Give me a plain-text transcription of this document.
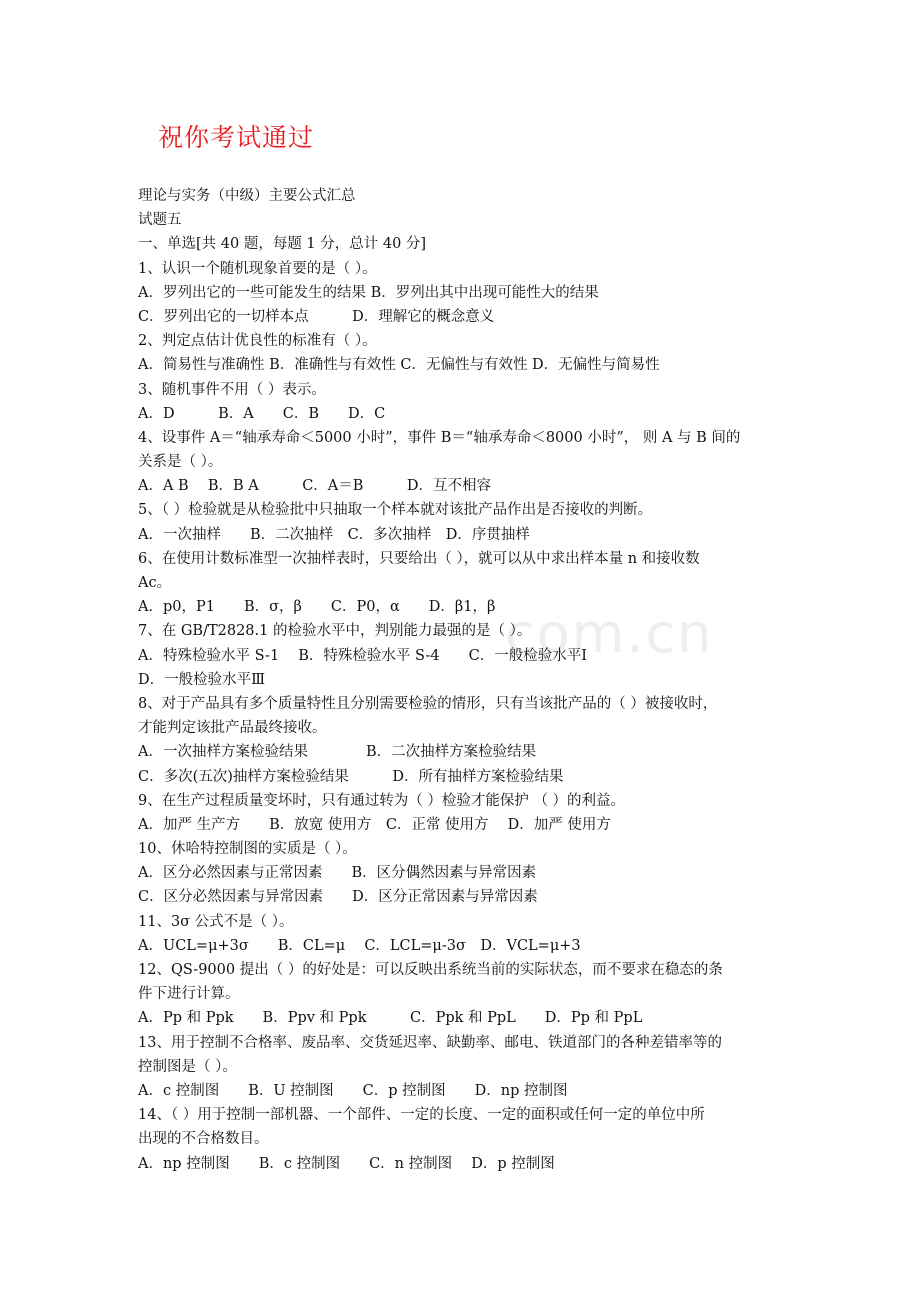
祝你考试通过
com.cn
理论与实务（中级）主要公式汇总
试题五
一、单选[共 40 题，每题 1 分，总计 40 分]
1、认识一个随机现象首要的是（ ）。
A．罗列出它的一些可能发生的结果 B．罗列出其中出现可能性大的结果
C．罗列出它的一切样本点　　　D．理解它的概念意义
2、判定点估计优良性的标准有（ ）。
A．简易性与准确性 B．准确性与有效性 C．无偏性与有效性 D．无偏性与简易性
3、随机事件不用（ ）表示。
A．D　　　B．A　　C．B　　D．C
4、设事件 A＝“轴承寿命＜5000 小时”，事件 B＝“轴承寿命＜8000 小时”， 则 A 与 B 间的
关系是（ ）。
A．A B　 B．B A　　　C．A＝B　　　D．互不相容
5、（ ）检验就是从检验批中只抽取一个样本就对该批产品作出是否接收的判断。
A．一次抽样　　B．二次抽样　C．多次抽样　D．序贯抽样
6、在使用计数标准型一次抽样表时，只要给出（ ），就可以从中求出样本量 n 和接收数
Ac。
A．p0，P1　　B．σ，β　　C．P0，α　　D．β1，β
7、在 GB/T2828.1 的检验水平中，判别能力最强的是（ ）。
A．特殊检验水平 S-1　 B．特殊检验水平 S-4　　C．一般检验水平Ⅰ
D．一般检验水平Ⅲ
8、对于产品具有多个质量特性且分别需要检验的情形，只有当该批产品的（ ）被接收时，
才能判定该批产品最终接收。
A．一次抽样方案检验结果　　　　B．二次抽样方案检验结果
C．多次(五次)抽样方案检验结果　　　D．所有抽样方案检验结果
9、在生产过程质量变坏时，只有通过转为（ ）检验才能保护 （ ）的利益。
A．加严 生产方　　B．放宽 使用方　C．正常 使用方　 D．加严 使用方
10、休哈特控制图的实质是（ ）。
A．区分必然因素与正常因素　　B．区分偶然因素与异常因素
C．区分必然因素与异常因素　　D．区分正常因素与异常因素
11、3σ 公式不是（ ）。
A．UCL=μ+3σ　　B．CL=μ　 C．LCL=μ-3σ　D．VCL=μ+3
12、QS-9000 提出（ ）的好处是：可以反映出系统当前的实际状态，而不要求在稳态的条
件下进行计算。
A．Pp 和 Ppk　　B．Ppv 和 Ppk　　　C．Ppk 和 PpL　　D．Pp 和 PpL
13、用于控制不合格率、废品率、交货延迟率、缺勤率、邮电、铁道部门的各种差错率等的
控制图是（ ）。
A．c 控制图　　B．U 控制图　　C．p 控制图　　D．np 控制图
14、（ ）用于控制一部机器、一个部件、一定的长度、一定的面积或任何一定的单位中所
出现的不合格数目。
A．np 控制图　　B．c 控制图　　C．n 控制图　 D．p 控制图
